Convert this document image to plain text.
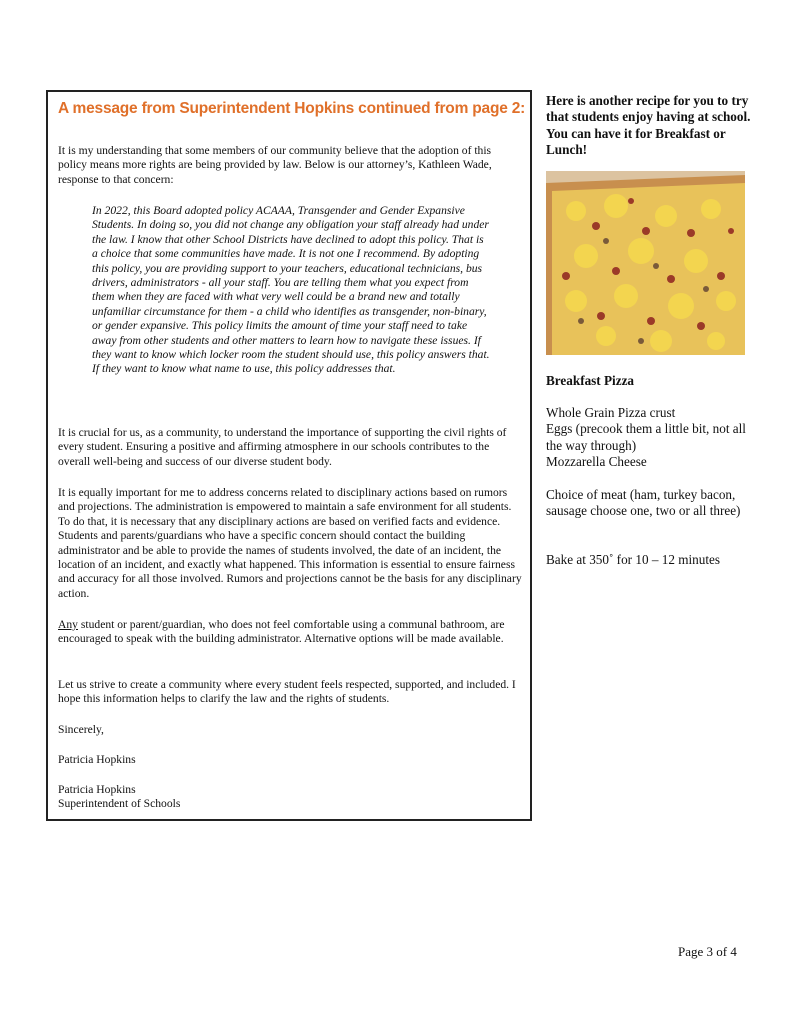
A message from Superintendent Hopkins continued from page 2:

It is my understanding that some members of our community believe that the adoption of this policy means more rights are being provided by law. Below is our attorney’s, Kathleen Wade, response to that concern:

In 2022, this Board adopted policy ACAAA, Transgender and Gender Expansive Students. In doing so, you did not change any obligation your staff already had under the law. I know that other School Districts have declined to adopt this policy. That is a choice that some communities have made. It is not one I recommend. By adopting this policy, you are providing support to your teachers, educational technicians, bus drivers, administrators - all your staff. You are telling them what you expect from them when they are faced with what very well could be a brand new and totally unfamiliar circumstance for them - a child who identifies as transgender, non-binary, or gender expansive. This policy limits the amount of time your staff need to take away from other students and other matters to learn how to navigate these issues. If they want to know which locker room the student should use, this policy answers that. If they want to know what name to use, this policy addresses that.

It is crucial for us, as a community, to understand the importance of supporting the civil rights of every student. Ensuring a positive and affirming atmosphere in our schools contributes to the overall well-being and success of our diverse student body.

It is equally important for me to address concerns related to disciplinary actions based on rumors and projections. The administration is empowered to maintain a safe environment for all students. To do that, it is necessary that any disciplinary actions are based on verified facts and evidence. Students and parents/guardians who have a specific concern should contact the building administrator and be able to provide the names of students involved, the date of an incident, the location of an incident, and exactly what happened. This information is essential to ensure fairness and accuracy for all those involved. Rumors and projections cannot be the basis for any disciplinary action.

Any student or parent/guardian, who does not feel comfortable using a communal bathroom, are encouraged to speak with the building administrator. Alternative options will be made available.

Let us strive to create a community where every student feels respected, supported, and included. I hope this information helps to clarify the law and the rights of students.

Sincerely,

Patricia Hopkins

Patricia Hopkins

Superintendent of Schools

Here is another recipe for you to try that students enjoy having at school. You can have it for Breakfast or Lunch!
Breakfast Pizza
Whole Grain Pizza crust
Eggs (precook them a little bit, not all the way through)
Mozzarella Cheese
Choice of meat (ham, turkey bacon, sausage choose one, two or all three)
Bake at 350˚ for 10 – 12 minutes
Page 3 of 4
